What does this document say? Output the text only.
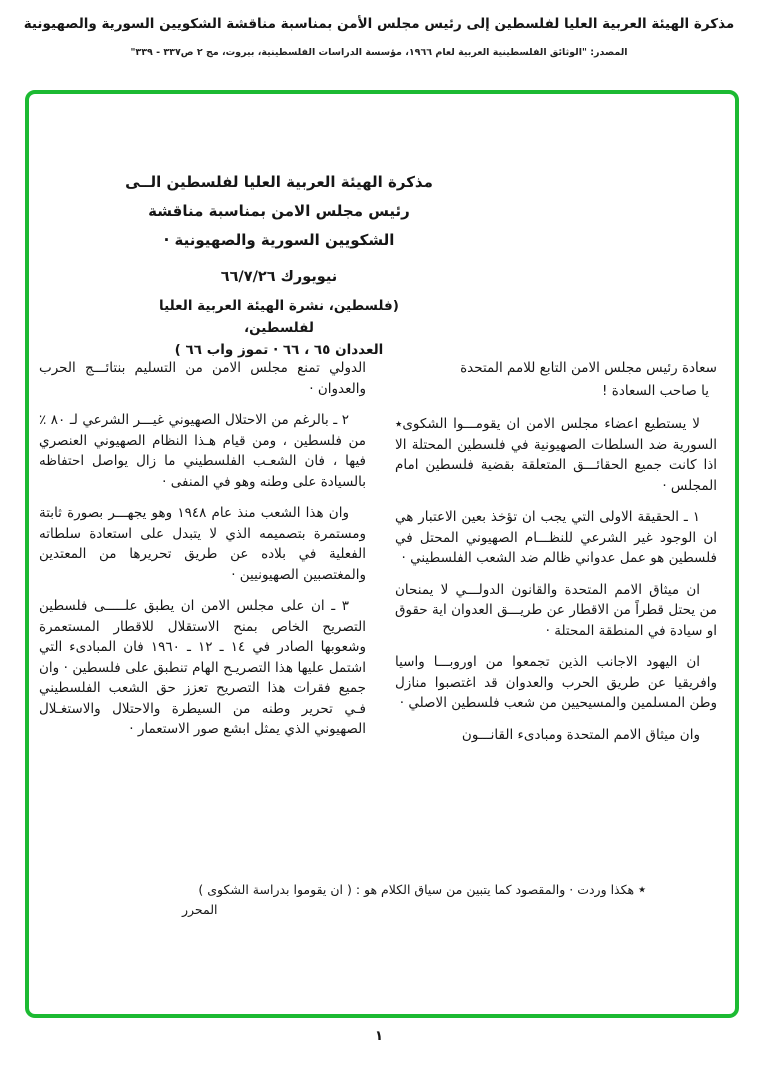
مذكرة الهيئة العربية العليا لفلسطين إلى رئيس مجلس الأمن بمناسبة مناقشة الشكويين السورية والصهيونية
المصدر: "الوثائق الفلسطينية العربية لعام ١٩٦٦، مؤسسة الدراسات الفلسطينية، بيروت، مج ٢ ص٣٣٧ - ٣٣٩"
مذكرة الهيئة العربية العليا لفلسطين الــى
رئيس مجلس الامن بمناسبة مناقشة
الشكويين السورية والصهيونية ·
نيويورك ٦٦/٧/٢٦
(فلسطين، نشرة الهيئة العربية العليا لفلسطين،
العددان ٦٥ ، ٦٦ · تموز واب ٦٦ )

سعادة رئيس مجلس الامن التابع للامم المتحدة

يا صاحب السعادة !

لا يستطيع اعضاء مجلس الامن ان يقومـــوا الشكوى٭ السورية ضد السلطات الصهيونية في فلسطين المحتلة الا اذا كانت جميع الحقائـــق المتعلقة بقضية فلسطين امام المجلس ·

١ ـ الحقيقة الاولى التي يجب ان تؤخذ بعين الاعتبار هي ان الوجود غير الشرعي للنظـــام الصهيوني المحتل في فلسطين هو عمل عدواني ظالم ضد الشعب الفلسطيني ·

ان ميثاق الامم المتحدة والقانون الدولـــي لا يمنحان من يحتل قطراً من الاقطار عن طريـــق العدوان اية حقوق او سيادة في المنطقة المحتلة ·

ان اليهود الاجانب الذين تجمعوا من اوروبـــا واسيا وافريقيا عن طريق الحرب والعدوان قد اغتصبوا منازل وطن المسلمين والمسيحيين من شعب فلسطين الاصلي ·

وان ميثاق الامم المتحدة ومبادىء القانـــون

الدولي تمنع مجلس الامن من التسليم بنتائـــج الحرب والعدوان ·

٢ ـ بالرغم من الاحتلال الصهيوني غيـــر الشرعي لـ ٨٠ ٪ من فلسطين ، ومن قيام هـذا النظام الصهيوني العنصري فيها ، فان الشعـب الفلسطيني ما زال يواصل احتفاظه بالسيادة على وطنه وهو في المنفى ·

وان هذا الشعب منذ عام ١٩٤٨ وهو يجهـــر بصورة ثابتة ومستمرة بتصميمه الذي لا يتبدل على استعادة سلطاته الفعلية في بلاده عن طريق تحريرها من المعتدين والمغتصبين الصهيونيين ·

٣ ـ ان على مجلس الامن ان يطبق علـــــى فلسطين التصريح الخاص بمنح الاستقلال للاقطار المستعمرة وشعوبها الصادر في ١٤ ـ ١٢ ـ ١٩٦٠ فان المبادىء التي اشتمل عليها هذا التصريـح الهام تنطبق على فلسطين · وان جميع فقرات هذا التصريح تعزز حق الشعب الفلسطيني فـي تحرير وطنه من السيطرة والاحتلال والاستغـلال الصهيوني الذي يمثل ابشع صور الاستعمار ·

٭ هكذا وردت · والمقصود كما يتبين من سياق الكلام هو : ( ان يقوموا بدراسة الشكوى )
المحرر
١
